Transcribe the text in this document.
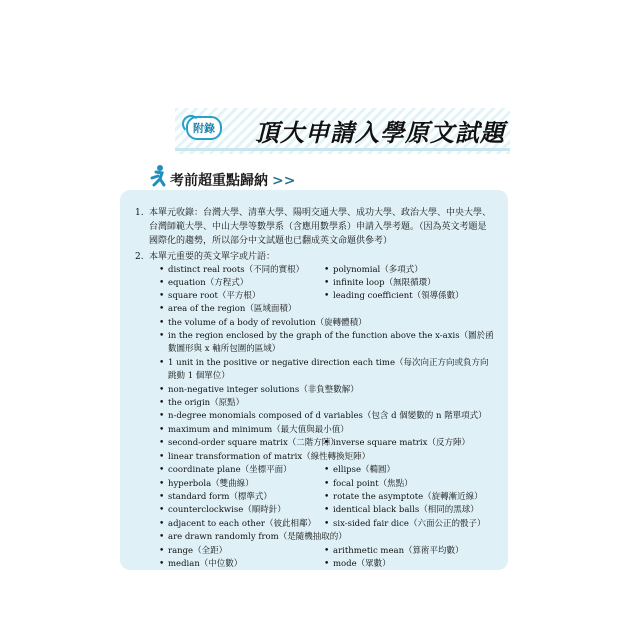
附錄 頂大申請入學原文試題
考前超重點歸納 >>
1. 本單元收錄：台灣大學、清華大學、陽明交通大學、成功大學、政治大學、中央大學、台灣師範大學、中山大學等數學系（含應用數學系）申請入學考題。（因為英文考題是國際化的趨勢，所以部分中文試題也已翻成英文命題供參考）
2. 本單元重要的英文單字或片語：
• distinct real roots（不同的實根）
• equation（方程式）
• square root（平方根）
• area of the region（區域面積）
• the volume of a body of revolution（旋轉體積）
• in the region enclosed by the graph of the function above the x-axis（圖於函數圖形與 x 軸所包圍的區域）
• 1 unit in the positive or negative direction each time（每次向正方向或負方向跳動 1 個單位）
• non-negative integer solutions（非負整數解）
• the origin（原點）
• n-degree monomials composed of d variables（包含 d 個變數的 n 階單項式）
• maximum and minimum（最大值與最小值）
• second-order square matrix（二階方陣）
• linear transformation of matrix（線性轉換矩陣）
• coordinate plane（坐標平面）
• hyperbola（雙曲線）
• standard form（標準式）
• counterclockwise（順時針）
• adjacent to each other（彼此相鄰）
• are drawn randomly from（是隨機抽取的）
• range（全距）
• median（中位數）
• polynomial（多項式）
• infinite loop（無限循環）
• leading coefficient（領導係數）
• inverse square matrix（反方陣）
• ellipse（橢圓）
• focal point（焦點）
• rotate the asymptote（旋轉漸近線）
• identical black balls（相同的黑球）
• six-sided fair dice（六面公正的骰子）
• arithmetic mean（算術平均數）
• mode（眾數）
